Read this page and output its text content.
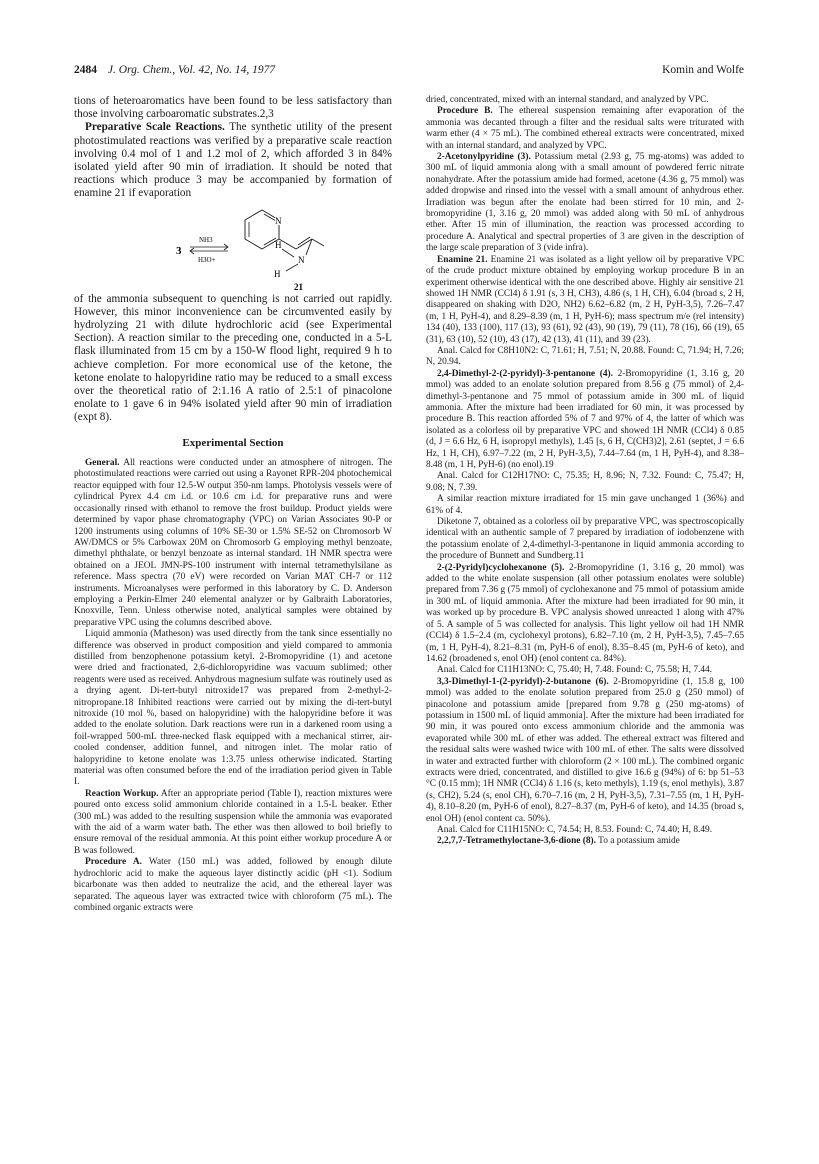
2484 J. Org. Chem., Vol. 42, No. 14, 1977	Komin and Wolfe

tions of heteroaromatics have been found to be less satisfactory than those involving carboaromatic substrates.2,3

Preparative Scale Reactions. The synthetic utility of the present photostimulated reactions was verified by a preparative scale reaction involving 0.4 mol of 1 and 1.2 mol of 2, which afforded 3 in 84% isolated yield after 90 min of irradiation. It should be noted that reactions which produce 3 may be accompanied by formation of enamine 21 if evaporation

3
NH3
H3O+
N
H
N
H
21

of the ammonia subsequent to quenching is not carried out rapidly. However, this minor inconvenience can be circumvented easily by hydrolyzing 21 with dilute hydrochloric acid (see Experimental Section). A reaction similar to the preceding one, conducted in a 5-L flask illuminated from 15 cm by a 150-W flood light, required 9 h to achieve completion. For more economical use of the ketone, the ketone enolate to halopyridine ratio may be reduced to a small excess over the theoretical ratio of 2:1.16 A ratio of 2.5:1 of pinacolone enolate to 1 gave 6 in 94% isolated yield after 90 min of irradiation (expt 8).

Experimental Section

General. All reactions were conducted under an atmosphere of nitrogen. The photostimulated reactions were carried out using a Rayonet RPR-204 photochemical reactor equipped with four 12.5-W output 350-nm lamps. Photolysis vessels were of cylindrical Pyrex 4.4 cm i.d. or 10.6 cm i.d. for preparative runs and were occasionally rinsed with ethanol to remove the frost buildup. Product yields were determined by vapor phase chromatography (VPC) on Varian Associates 90-P or 1200 instruments using columns of 10% SE-30 or 1.5% SE-52 on Chromosorb W AW/DMCS or 5% Carbowax 20M on Chromosorb G employing methyl benzoate, dimethyl phthalate, or benzyl benzoate as internal standard. 1H NMR spectra were obtained on a JEOL JMN-PS-100 instrument with internal tetramethylsilane as reference. Mass spectra (70 eV) were recorded on Varian MAT CH-7 or 112 instruments. Microanalyses were performed in this laboratory by C. D. Anderson employing a Perkin-Elmer 240 elemental analyzer or by Galbraith Laboratories, Knoxville, Tenn. Unless otherwise noted, analytical samples were obtained by preparative VPC using the columns described above.

Liquid ammonia (Matheson) was used directly from the tank since essentially no difference was observed in product composition and yield compared to ammonia distilled from benzophenone potassium ketyl. 2-Bromopyridine (1) and acetone were dried and fractionated, 2,6-dichloropyridine was vacuum sublimed; other reagents were used as received. Anhydrous magnesium sulfate was routinely used as a drying agent. Di-tert-butyl nitroxide17 was prepared from 2-methyl-2-nitropropane.18 Inhibited reactions were carried out by mixing the di-tert-butyl nitroxide (10 mol %, based on halopyridine) with the halopyridine before it was added to the enolate solution. Dark reactions were run in a darkened room using a foil-wrapped 500-mL three-necked flask equipped with a mechanical stirrer, air-cooled condenser, addition funnel, and nitrogen inlet. The molar ratio of halopyridine to ketone enolate was 1:3.75 unless otherwise indicated. Starting material was often consumed before the end of the irradiation period given in Table I.

Reaction Workup. After an appropriate period (Table I), reaction mixtures were poured onto excess solid ammonium chloride contained in a 1.5-L beaker. Ether (300 mL) was added to the resulting suspension while the ammonia was evaporated with the aid of a warm water bath. The ether was then allowed to boil briefly to ensure removal of the residual ammonia. At this point either workup procedure A or B was followed.

Procedure A. Water (150 mL) was added, followed by enough dilute hydrochloric acid to make the aqueous layer distinctly acidic (pH <1). Sodium bicarbonate was then added to neutralize the acid, and the ethereal layer was separated. The aqueous layer was extracted twice with chloroform (75 mL). The combined organic extracts were

dried, concentrated, mixed with an internal standard, and analyzed by VPC.

Procedure B. The ethereal suspension remaining after evaporation of the ammonia was decanted through a filter and the residual salts were triturated with warm ether (4 × 75 mL). The combined ethereal extracts were concentrated, mixed with an internal standard, and analyzed by VPC.

2-Acetonylpyridine (3). Potassium metal (2.93 g, 75 mg-atoms) was added to 300 mL of liquid ammonia along with a small amount of powdered ferric nitrate nonahydrate. After the potassium amide had formed, acetone (4.36 g, 75 mmol) was added dropwise and rinsed into the vessel with a small amount of anhydrous ether. Irradiation was begun after the enolate had been stirred for 10 min, and 2-bromopyridine (1, 3.16 g, 20 mmol) was added along with 50 mL of anhydrous ether. After 15 min of illumination, the reaction was processed according to procedure A. Analytical and spectral properties of 3 are given in the description of the large scale preparation of 3 (vide infra).

Enamine 21. Enamine 21 was isolated as a light yellow oil by preparative VPC of the crude product mixture obtained by employing workup procedure B in an experiment otherwise identical with the one described above. Highly air sensitive 21 showed 1H NMR (CCl4) δ 1.91 (s, 3 H, CH3), 4.86 (s, 1 H, CH), 6.04 (broad s, 2 H, disappeared on shaking with D2O, NH2) 6.62–6.82 (m, 2 H, PyH-3,5), 7.26–7.47 (m, 1 H, PyH-4), and 8.29–8.39 (m, 1 H, PyH-6); mass spectrum m/e (rel intensity) 134 (40), 133 (100), 117 (13), 93 (61), 92 (43), 90 (19), 79 (11), 78 (16), 66 (19), 65 (31), 63 (10), 52 (10), 43 (17), 42 (13), 41 (11), and 39 (23).

Anal. Calcd for C8H10N2: C, 71.61; H, 7.51; N, 20.88. Found: C, 71.94; H, 7.26; N, 20.94.

2,4-Dimethyl-2-(2-pyridyl)-3-pentanone (4). 2-Bromopyridine (1, 3.16 g, 20 mmol) was added to an enolate solution prepared from 8.56 g (75 mmol) of 2,4-dimethyl-3-pentanone and 75 mmol of potassium amide in 300 mL of liquid ammonia. After the mixture had been irradiated for 60 min, it was processed by procedure B. This reaction afforded 5% of 7 and 97% of 4, the latter of which was isolated as a colorless oil by preparative VPC and showed 1H NMR (CCl4) δ 0.85 (d, J = 6.6 Hz, 6 H, isopropyl methyls), 1.45 [s, 6 H, C(CH3)2], 2.61 (septet, J = 6.6 Hz, 1 H, CH), 6.97–7.22 (m, 2 H, PyH-3,5), 7.44–7.64 (m, 1 H, PyH-4), and 8.38–8.48 (m, 1 H, PyH-6) (no enol).19

Anal. Calcd for C12H17NO: C, 75.35; H, 8.96; N, 7.32. Found: C, 75.47; H, 9.08; N, 7.39.

A similar reaction mixture irradiated for 15 min gave unchanged 1 (36%) and 61% of 4.

Diketone 7, obtained as a colorless oil by preparative VPC, was spectroscopically identical with an authentic sample of 7 prepared by irradiation of iodobenzene with the potassium enolate of 2,4-dimethyl-3-pentanone in liquid ammonia according to the procedure of Bunnett and Sundberg.11

2-(2-Pyridyl)cyclohexanone (5). 2-Bromopyridine (1, 3.16 g, 20 mmol) was added to the white enolate suspension (all other potassium enolates were soluble) prepared from 7.36 g (75 mmol) of cyclohexanone and 75 mmol of potassium amide in 300 mL of liquid ammonia. After the mixture had been irradiated for 90 min, it was worked up by procedure B. VPC analysis showed unreacted 1 along with 47% of 5. A sample of 5 was collected for analysis. This light yellow oil had 1H NMR (CCl4) δ 1.5–2.4 (m, cyclohexyl protons), 6.82–7.10 (m, 2 H, PyH-3,5), 7.45–7.65 (m, 1 H, PyH-4), 8.21–8.31 (m, PyH-6 of enol), 8.35–8.45 (m, PyH-6 of keto), and 14.62 (broadened s, enol OH) (enol content ca. 84%).

Anal. Calcd for C11H13NO: C, 75.40; H, 7.48. Found: C, 75.58; H, 7.44.

3,3-Dimethyl-1-(2-pyridyl)-2-butanone (6). 2-Bromopyridine (1, 15.8 g, 100 mmol) was added to the enolate solution prepared from 25.0 g (250 mmol) of pinacolone and potassium amide [prepared from 9.78 g (250 mg-atoms) of potassium in 1500 mL of liquid ammonia]. After the mixture had been irradiated for 90 min, it was poured onto excess ammonium chloride and the ammonia was evaporated while 300 mL of ether was added. The ethereal extract was filtered and the residual salts were washed twice with 100 mL of ether. The salts were dissolved in water and extracted further with chloroform (2 × 100 mL). The combined organic extracts were dried, concentrated, and distilled to give 16.6 g (94%) of 6: bp 51–53 °C (0.15 mm); 1H NMR (CCl4) δ 1.16 (s, keto methyls), 1.19 (s, enol methyls), 3.87 (s, CH2), 5.24 (s, enol CH), 6.70–7.16 (m, 2 H, PyH-3,5), 7.31–7.55 (m, 1 H, PyH-4), 8.10–8.20 (m, PyH-6 of enol), 8.27–8.37 (m, PyH-6 of keto), and 14.35 (broad s, enol OH) (enol content ca. 50%).

Anal. Calcd for C11H15NO: C, 74.54; H, 8.53. Found: C, 74.40; H, 8.49.

2,2,7,7-Tetramethyloctane-3,6-dione (8). To a potassium amide
